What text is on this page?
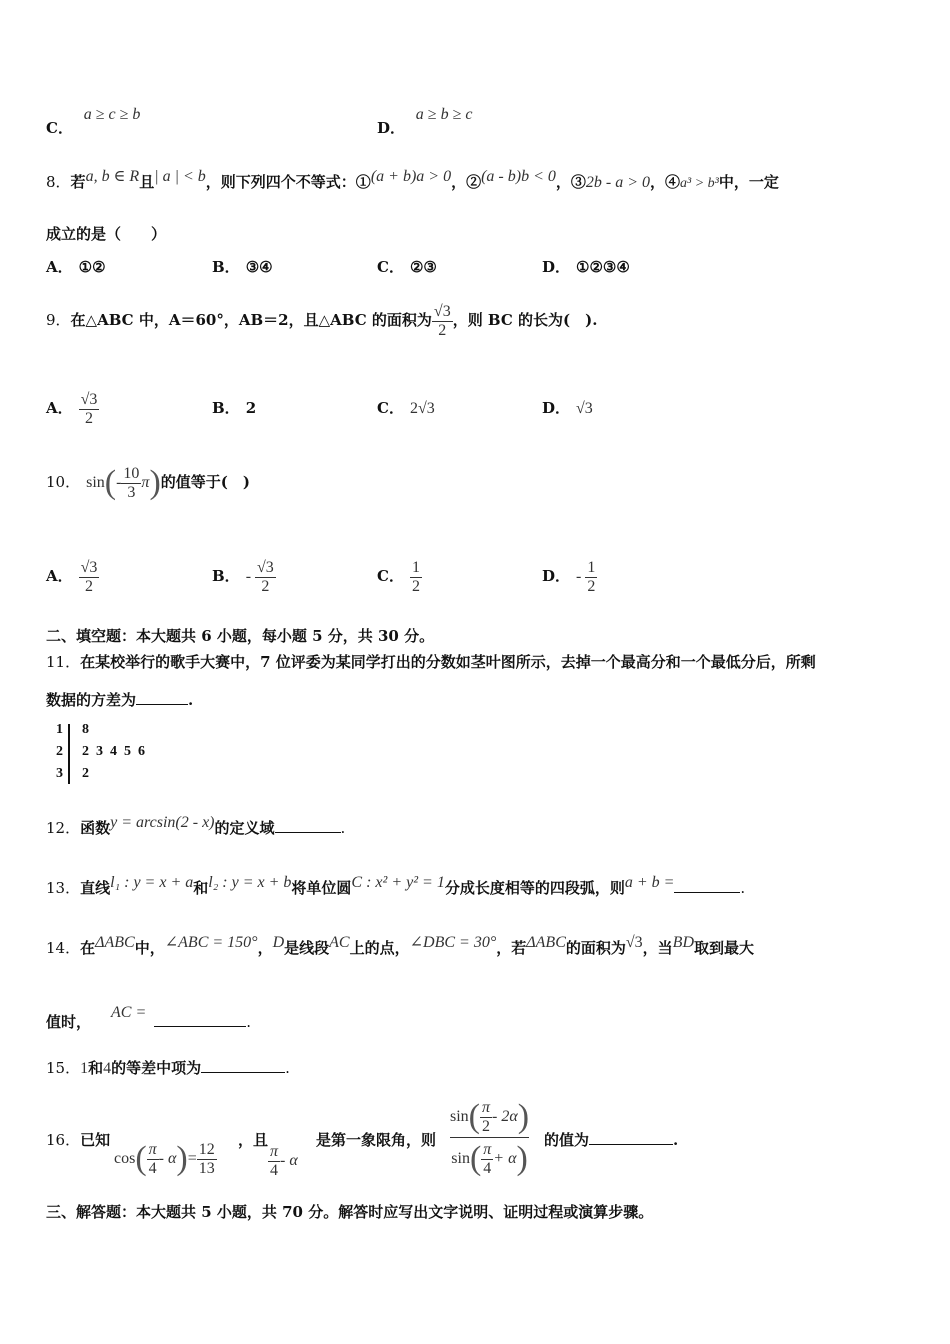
C． a ≥ c ≥ b
D． a ≥ b ≥ c
8．若a, b ∈ R且| a | < b，则下列四个不等式：①(a + b)a > 0，②(a - b)b < 0，③2b - a > 0，④a³ > b³中，一定
成立的是（　　）
A． ①②	B． ③④	C． ②③	D． ①②③④
9．在△ABC 中，A＝60°，AB＝2，且△ABC 的面积为 √ $\frac{3}{2}$ ，则 BC 的长为(　).
A． √ $\frac{3}{2}$	B． 2	C． 2 √ 3	D． √ 3
10． $\sin(- \frac{10}{3} \pi)$的值等于(　)
A． √ $\frac{3}{2}$	B． - √ $\frac{3}{2}$	C． $\frac{1}{2}$	D． - $\frac{1}{2}$
二、填空题：本大题共 6 小题，每小题 5 分，共 30 分。
11．在某校举行的歌手大赛中，7 位评委为某同学打出的分数如茎叶图所示，去掉一个最高分和一个最低分后，所剩
数据的方差为	.
1 8
2 2  3  4  5  6
3 2
12．函数y = arcsin(2 - x)的定义域	.
13．直线l₁ : y = x + a和l₂ : y = x + b将单位圆C : x² + y² = 1分成长度相等的四段弧，则a + b =	.
14．在ΔABC中，∠ABC = 150°，D是线段AC上的点，∠DBC = 30°，若ΔABC的面积为 √ 3，当BD取到最大
值时，AC =.
15．1和4的等差中项为	.
16．已知
$\cos( \frac{\pi}{4} - \alpha)= \frac{12}{13}$
，且
$\frac{\pi}{4}$ - α
是第一象限角，则 $\frac{\sin( \frac{\pi}{2} - 2\alpha)}{\sin( \frac{\pi}{4} + \alpha)}$ 的值为	.
三、解答题：本大题共 5 小题，共 70 分。解答时应写出文字说明、证明过程或演算步骤。
